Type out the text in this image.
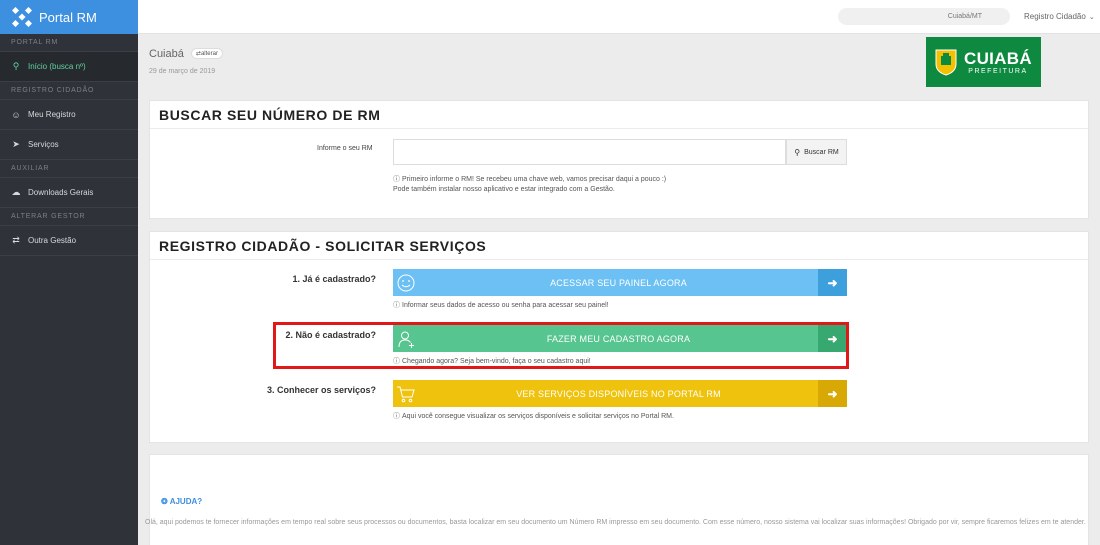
Portal RM
PORTAL RM
⚲ Início (busca nº)
REGISTRO CIDADÃO
☺ Meu Registro
➤ Serviços
AUXILIAR
☁ Downloads Gerais
ALTERAR GESTOR
⇄ Outra Gestão
Cuiabá/MT	Registro Cidadão ⌄
Cuiabá ⇄alterar
29 de março de 2019
CUIABÁ
PREFEITURA
BUSCAR SEU NÚMERO DE RM
Informe o seu RM	⚲ Buscar RM
ⓘ Primeiro informe o RM! Se recebeu uma chave web, vamos precisar daqui a pouco :)
Pode também instalar nosso aplicativo e estar integrado com a Gestão.
REGISTRO CIDADÃO - SOLICITAR SERVIÇOS
1. Já é cadastrado?	ACESSAR SEU PAINEL AGORA	➜
ⓘ Informar seus dados de acesso ou senha para acessar seu painel!
2. Não é cadastrado?	FAZER MEU CADASTRO AGORA	➜
ⓘ Chegando agora? Seja bem-vindo, faça o seu cadastro aqui!
3. Conhecer os serviços?	VER SERVIÇOS DISPONÍVEIS NO PORTAL RM	➜
ⓘ Aqui você consegue visualizar os serviços disponíveis e solicitar serviços no Portal RM.
❂ AJUDA?
Olá, aqui podemos te fornecer informações em tempo real sobre seus processos ou documentos, basta localizar em seu documento um Número RM impresso em seu documento. Com esse número, nosso sistema vai localizar suas informações! Obrigado por vir, sempre ficaremos felizes em te atender.
